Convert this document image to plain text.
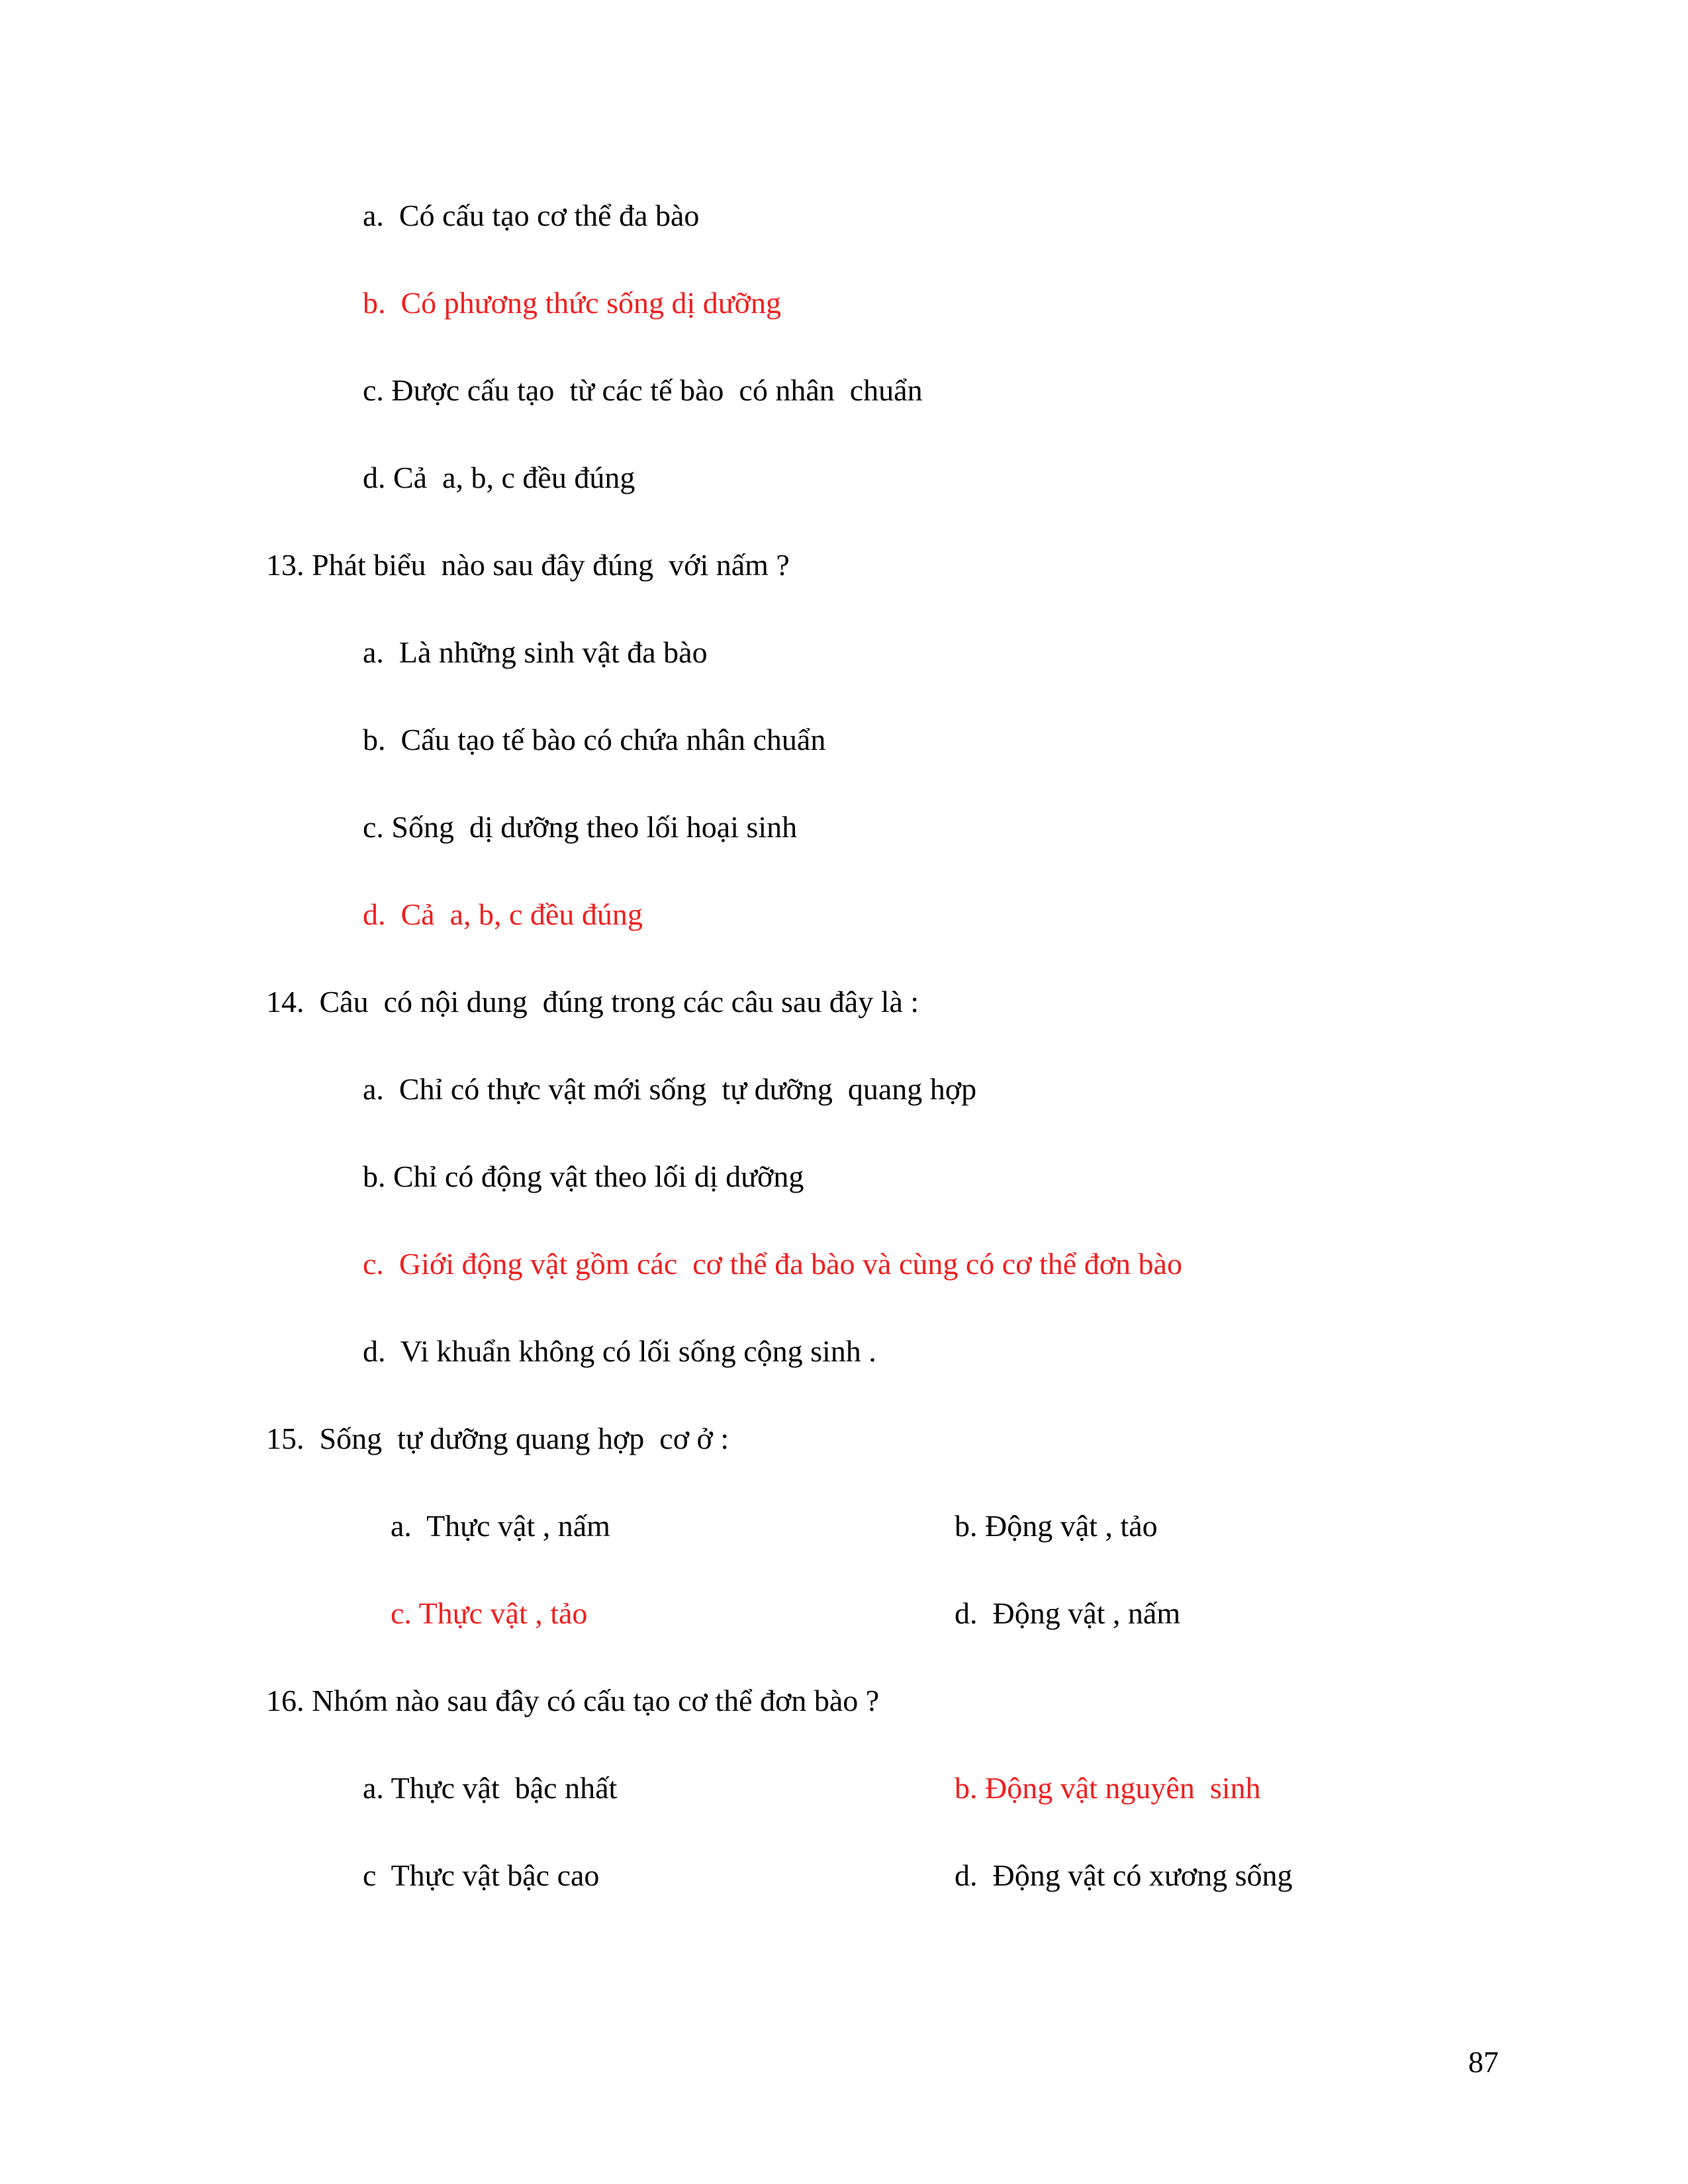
a.  Có cấu tạo cơ thể đa bào
b.  Có phương thức sống dị dưỡng
c. Được cấu tạo  từ các tế bào  có nhân  chuẩn
d. Cả  a, b, c đều đúng
13. Phát biểu  nào sau đây đúng  với nấm ?
a.  Là những sinh vật đa bào
b.  Cấu tạo tế bào có chứa nhân chuẩn
c. Sống  dị dưỡng theo lối hoại sinh
d.  Cả  a, b, c đều đúng
14.  Câu  có nội dung  đúng trong các câu sau đây là :
a.  Chỉ có thực vật mới sống  tự dưỡng  quang hợp
b. Chỉ có động vật theo lối dị dưỡng
c.  Giới động vật gồm các  cơ thể đa bào và cùng có cơ thể đơn bào
d.  Vi khuẩn không có lối sống cộng sinh .
15.  Sống  tự dưỡng quang hợp  cơ ở :
a.  Thực vật , nấm	b. Động vật , tảo
c. Thực vật , tảo	d.  Động vật , nấm
16. Nhóm nào sau đây có cấu tạo cơ thể đơn bào ?
a. Thực vật  bậc nhất	b. Động vật nguyên  sinh
c  Thực vật bậc cao	d.  Động vật có xương sống
87
